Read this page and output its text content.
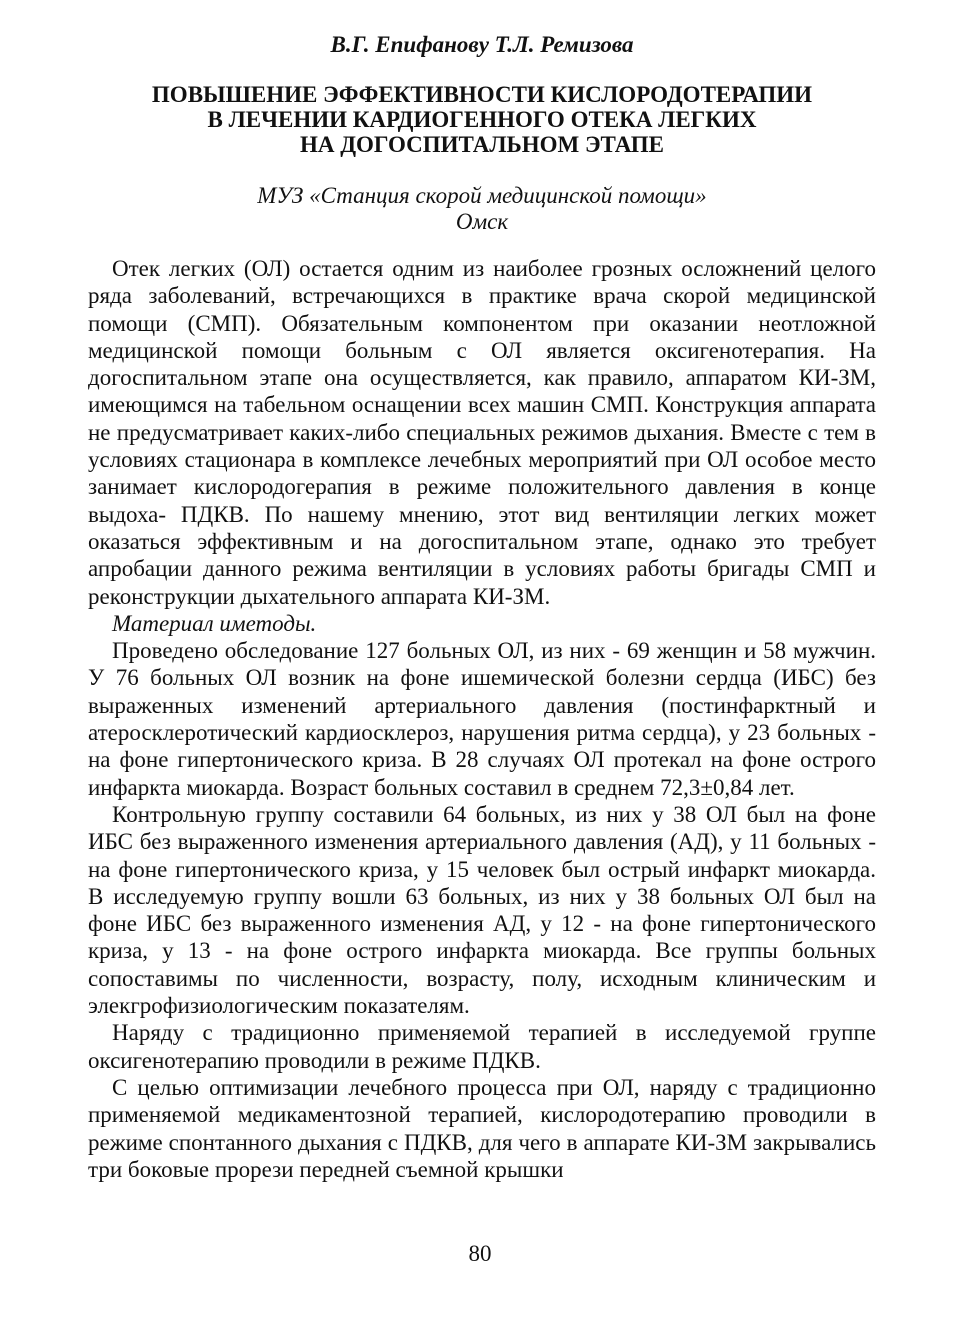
В.Г. Епифанову Т.Л. Ремизова
ПОВЫШЕНИЕ ЭФФЕКТИВНОСТИ КИСЛОРОДОТЕРАПИИ
В ЛЕЧЕНИИ КАРДИОГЕННОГО ОТЕКА ЛЕГКИХ
НА ДОГОСПИТАЛЬНОМ ЭТАПЕ
МУЗ «Станция скорой медицинской помощи»
Омск

Отек легких (ОЛ) остается одним из наиболее грозных осложнений целого ряда заболеваний, встречающихся в практике врача скорой медицинской помощи (СМП). Обязательным компонентом при оказании неотложной медицинской помощи больным с ОЛ является оксигенотерапия. На догоспитальном этапе она осуществляется, как правило, аппаратом КИ-ЗМ, имеющимся на табельном оснащении всех машин СМП. Конструкция аппарата не предусматривает каких-либо специальных режимов дыхания. Вместе с тем в условиях стационара в комплексе лечебных мероприятий при ОЛ особое место занимает кислородогерапия в режиме положительного давления в конце выдоха- ПДКВ. По нашему мнению, этот вид вентиляции легких может оказаться эффективным и на догоспитальном этапе, однако это требует апробации данного режима вентиляции в условиях работы бригады СМП и реконструкции дыхательного аппарата КИ-ЗМ.

Материал иметоды.

Проведено обследование 127 больных ОЛ, из них - 69 женщин и 58 мужчин. У 76 больных ОЛ возник на фоне ишемической болезни сердца (ИБС) без выраженных изменений артериального давления (постинфарктный и атеросклеротический кардиосклероз, нарушения ритма сердца), у 23 больных - на фоне гипертонического криза. В 28 случаях ОЛ протекал на фоне острого инфаркта миокарда. Возраст больных составил в среднем 72,3±0,84 лет.

Контрольную группу составили 64 больных, из них у 38 ОЛ был на фоне ИБС без выраженного изменения артериального давления (АД), у 11 больных - на фоне гипертонического криза, у 15 человек был острый инфаркт миокарда. В исследуемую группу вошли 63 больных, из них у 38 больных ОЛ был на фоне ИБС без выраженного изменения АД, у 12 - на фоне гипертонического криза, у 13 - на фоне острого инфаркта миокарда. Все группы больных сопоставимы по численности, возрасту, полу, исходным клиническим и элекгрофизиологическим показателям.

Наряду с традиционно применяемой терапией в исследуемой группе оксигенотерапию проводили в режиме ПДКВ.

С целью оптимизации лечебного процесса при ОЛ, наряду с традиционно применяемой медикаментозной терапией, кислородотерапию проводили в режиме спонтанного дыхания с ПДКВ, для чего в аппарате КИ-ЗМ закрывались три боковые прорези передней съемной крышки

80
